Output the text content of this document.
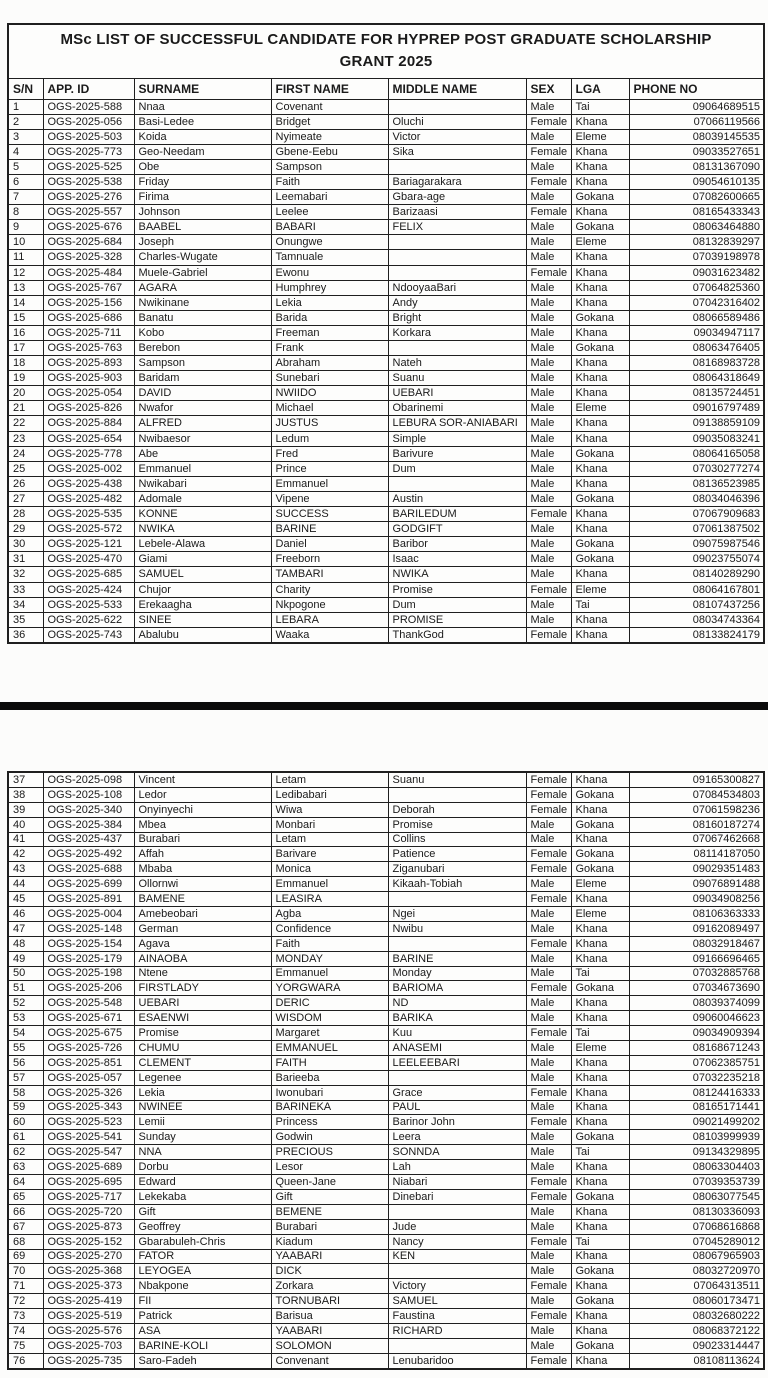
MSc LIST OF SUCCESSFUL CANDIDATE FOR HYPREP POST GRADUATE SCHOLARSHIP GRANT 2025							
S/N	APP. ID	SURNAME	FIRST NAME	MIDDLE NAME	SEX	LGA	PHONE NO
1	OGS-2025-588	Nnaa	Covenant		Male	Tai	09064689515
2	OGS-2025-056	Basi-Ledee	Bridget	Oluchi	Female	Khana	07066119566
3	OGS-2025-503	Koida	Nyimeate	Victor	Male	Eleme	08039145535
4	OGS-2025-773	Geo-Needam	Gbene-Eebu	Sika	Female	Khana	09033527651
5	OGS-2025-525	Obe	Sampson		Male	Khana	08131367090
6	OGS-2025-538	Friday	Faith	Bariagarakara	Female	Khana	09054610135
7	OGS-2025-276	Firima	Leemabari	Gbara-age	Male	Gokana	07082600665
8	OGS-2025-557	Johnson	Leelee	Barizaasi	Female	Khana	08165433343
9	OGS-2025-676	BAABEL	BABARI	FELIX	Male	Gokana	08063464880
10	OGS-2025-684	Joseph	Onungwe		Male	Eleme	08132839297
11	OGS-2025-328	Charles-Wugate	Tamnuale		Male	Khana	07039198978
12	OGS-2025-484	Muele-Gabriel	Ewonu		Female	Khana	09031623482
13	OGS-2025-767	AGARA	Humphrey	NdooyaaBari	Male	Khana	07064825360
14	OGS-2025-156	Nwikinane	Lekia	Andy	Male	Khana	07042316402
15	OGS-2025-686	Banatu	Barida	Bright	Male	Gokana	08066589486
16	OGS-2025-711	Kobo	Freeman	Korkara	Male	Khana	09034947117
17	OGS-2025-763	Berebon	Frank		Male	Gokana	08063476405
18	OGS-2025-893	Sampson	Abraham	Nateh	Male	Khana	08168983728
19	OGS-2025-903	Baridam	Sunebari	Suanu	Male	Khana	08064318649
20	OGS-2025-054	DAVID	NWIIDO	UEBARI	Male	Khana	08135724451
21	OGS-2025-826	Nwafor	Michael	Obarinemi	Male	Eleme	09016797489
22	OGS-2025-884	ALFRED	JUSTUS	LEBURA SOR-ANIABARI	Male	Khana	09138859109
23	OGS-2025-654	Nwibaesor	Ledum	Simple	Male	Khana	09035083241
24	OGS-2025-778	Abe	Fred	Barivure	Male	Gokana	08064165058
25	OGS-2025-002	Emmanuel	Prince	Dum	Male	Khana	07030277274
26	OGS-2025-438	Nwikabari	Emmanuel		Male	Khana	08136523985
27	OGS-2025-482	Adomale	Vipene	Austin	Male	Gokana	08034046396
28	OGS-2025-535	KONNE	SUCCESS	BARILEDUM	Female	Khana	07067909683
29	OGS-2025-572	NWIKA	BARINE	GODGIFT	Male	Khana	07061387502
30	OGS-2025-121	Lebele-Alawa	Daniel	Baribor	Male	Gokana	09075987546
31	OGS-2025-470	Giami	Freeborn	Isaac	Male	Gokana	09023755074
32	OGS-2025-685	SAMUEL	TAMBARI	NWIKA	Male	Khana	08140289290
33	OGS-2025-424	Chujor	Charity	Promise	Female	Eleme	08064167801
34	OGS-2025-533	Erekaagha	Nkpogone	Dum	Male	Tai	08107437256
35	OGS-2025-622	SINEE	LEBARA	PROMISE	Male	Khana	08034743364
36	OGS-2025-743	Abalubu	Waaka	ThankGod	Female	Khana	08133824179
37	OGS-2025-098	Vincent	Letam	Suanu	Female	Khana	09165300827
38	OGS-2025-108	Ledor	Ledibabari		Female	Gokana	07084534803
39	OGS-2025-340	Onyinyechi	Wiwa	Deborah	Female	Khana	07061598236
40	OGS-2025-384	Mbea	Monbari	Promise	Male	Gokana	08160187274
41	OGS-2025-437	Burabari	Letam	Collins	Male	Khana	07067462668
42	OGS-2025-492	Affah	Barivare	Patience	Female	Gokana	08114187050
43	OGS-2025-688	Mbaba	Monica	Ziganubari	Female	Gokana	09029351483
44	OGS-2025-699	Ollornwi	Emmanuel	Kikaah-Tobiah	Male	Eleme	09076891488
45	OGS-2025-891	BAMENE	LEASIRA		Female	Khana	09034908256
46	OGS-2025-004	Amebeobari	Agba	Ngei	Male	Eleme	08106363333
47	OGS-2025-148	German	Confidence	Nwibu	Male	Khana	09162089497
48	OGS-2025-154	Agava	Faith		Female	Khana	08032918467
49	OGS-2025-179	AINAOBA	MONDAY	BARINE	Male	Khana	09166696465
50	OGS-2025-198	Ntene	Emmanuel	Monday	Male	Tai	07032885768
51	OGS-2025-206	FIRSTLADY	YORGWARA	BARIOMA	Female	Gokana	07034673690
52	OGS-2025-548	UEBARI	DERIC	ND	Male	Khana	08039374099
53	OGS-2025-671	ESAENWI	WISDOM	BARIKA	Male	Khana	09060046623
54	OGS-2025-675	Promise	Margaret	Kuu	Female	Tai	09034909394
55	OGS-2025-726	CHUMU	EMMANUEL	ANASEMI	Male	Eleme	08168671243
56	OGS-2025-851	CLEMENT	FAITH	LEELEEBARI	Male	Khana	07062385751
57	OGS-2025-057	Legenee	Barieeba		Male	Khana	07032235218
58	OGS-2025-326	Lekia	Iwonubari	Grace	Female	Khana	08124416333
59	OGS-2025-343	NWINEE	BARINEKA	PAUL	Male	Khana	08165171441
60	OGS-2025-523	Lemii	Princess	Barinor John	Female	Khana	09021499202
61	OGS-2025-541	Sunday	Godwin	Leera	Male	Gokana	08103999939
62	OGS-2025-547	NNA	PRECIOUS	SONNDA	Male	Tai	09134329895
63	OGS-2025-689	Dorbu	Lesor	Lah	Male	Khana	08063304403
64	OGS-2025-695	Edward	Queen-Jane	Niabari	Female	Khana	07039353739
65	OGS-2025-717	Lekekaba	Gift	Dinebari	Female	Gokana	08063077545
66	OGS-2025-720	Gift	BEMENE		Male	Khana	08130336093
67	OGS-2025-873	Geoffrey	Burabari	Jude	Male	Khana	07068616868
68	OGS-2025-152	Gbarabuleh-Chris	Kiadum	Nancy	Female	Tai	07045289012
69	OGS-2025-270	FATOR	YAABARI	KEN	Male	Khana	08067965903
70	OGS-2025-368	LEYOGEA	DICK		Male	Gokana	08032720970
71	OGS-2025-373	Nbakpone	Zorkara	Victory	Female	Khana	07064313511
72	OGS-2025-419	FII	TORNUBARI	SAMUEL	Male	Gokana	08060173471
73	OGS-2025-519	Patrick	Barisua	Faustina	Female	Khana	08032680222
74	OGS-2025-576	ASA	YAABARI	RICHARD	Male	Khana	08068372122
75	OGS-2025-703	BARINE-KOLI	SOLOMON		Male	Gokana	09023314447
76	OGS-2025-735	Saro-Fadeh	Convenant	Lenubaridoo	Female	Khana	08108113624
